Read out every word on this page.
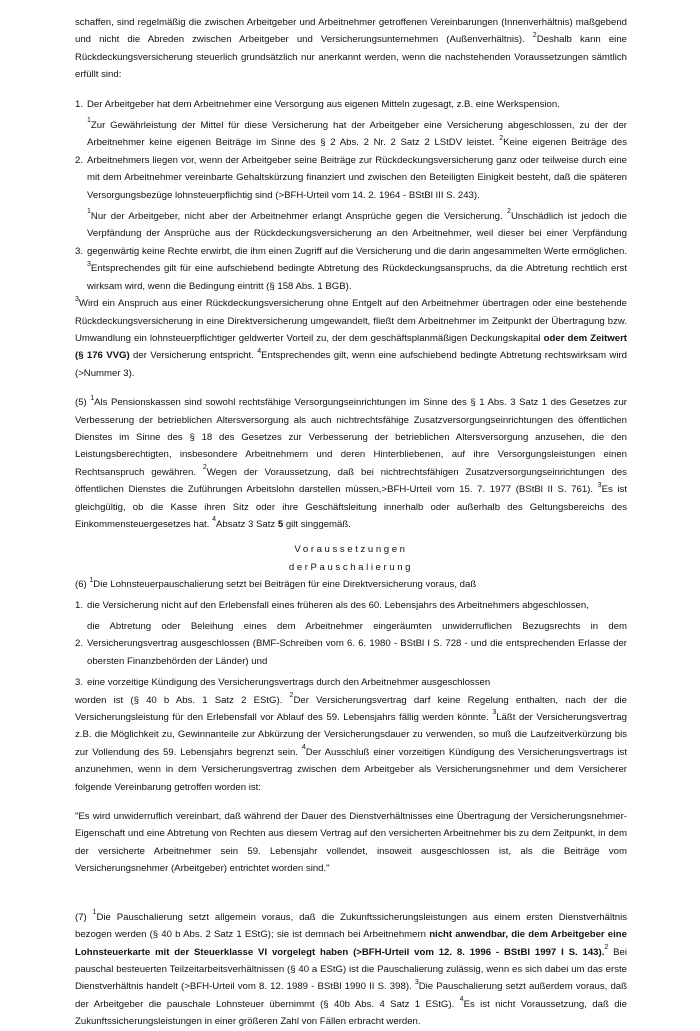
schaffen, sind regelmäßig die zwischen Arbeitgeber und Arbeitnehmer getroffenen Vereinbarungen (Innenverhältnis) maßgebend und nicht die Abreden zwischen Arbeitgeber und Versicherungsunternehmen (Außenverhältnis). $^2$Deshalb kann eine Rückdeckungsversicherung steuerlich grundsätzlich nur anerkannt werden, wenn die nachstehenden Voraussetzungen sämtlich erfüllt sind:

1. Der Arbeitgeber hat dem Arbeitnehmer eine Versorgung aus eigenen Mitteln zugesagt, z.B. eine Werkspension.
2.
$^1$Zur Gewährleistung der Mittel für diese Versicherung hat der Arbeitgeber eine Versicherung abgeschlossen, zu der der Arbeitnehmer keine eigenen Beiträge im Sinne des § 2 Abs. 2 Nr. 2 Satz 2 LStDV leistet. $^2$Keine eigenen Beiträge des Arbeitnehmers liegen vor, wenn der Arbeitgeber seine Beiträge zur Rückdeckungsversicherung ganz oder teilweise durch eine mit dem Arbeitnehmer vereinbarte Gehaltskürzung finanziert und zwischen den Beteiligten Einigkeit besteht, daß die späteren Versorgungsbezüge lohnsteuerpflichtig sind (>BFH-Urteil vom 14. 2. 1964 - BStBl III S. 243).
3.
$^1$Nur der Arbeitgeber, nicht aber der Arbeitnehmer erlangt Ansprüche gegen die Versicherung. $^2$Unschädlich ist jedoch die Verpfändung der Ansprüche aus der Rückdeckungsversicherung an den Arbeitnehmer, weil dieser bei einer Verpfändung gegenwärtig keine Rechte erwirbt, die ihm einen Zugriff auf die Versicherung und die darin angesammelten Werte ermöglichen. $^3$Entsprechendes gilt für eine aufschiebend bedingte Abtretung des Rückdeckungsanspruchs, da die Abtretung rechtlich erst wirksam wird, wenn die Bedingung eintritt (§ 158 Abs. 1 BGB).

$^3$Wird ein Anspruch aus einer Rückdeckungsversicherung ohne Entgelt auf den Arbeitnehmer übertragen oder eine bestehende Rückdeckungsversicherung in eine Direktversicherung umgewandelt, fließt dem Arbeitnehmer im Zeitpunkt der Übertragung bzw. Umwandlung ein lohnsteuerpflichtiger geldwerter Vorteil zu, der dem geschäftsplanmäßigen Deckungskapital oder dem Zeitwert (§ 176 VVG) der Versicherung entspricht. $^4$Entsprechendes gilt, wenn eine aufschiebend bedingte Abtretung rechtswirksam wird (>Nummer 3).

(5) $^1$Als Pensionskassen sind sowohl rechtsfähige Versorgungseinrichtungen im Sinne des § 1 Abs. 3 Satz 1 des Gesetzes zur Verbesserung der betrieblichen Altersversorgung als auch nichtrechtsfähige Zusatzversorgungseinrichtungen des öffentlichen Dienstes im Sinne des § 18 des Gesetzes zur Verbesserung der betrieblichen Altersversorgung anzusehen, die den Leistungsberechtigten, insbesondere Arbeitnehmern und deren Hinterbliebenen, auf ihre Versorgungsleistungen einen Rechtsanspruch gewähren. $^2$Wegen der Voraussetzung, daß bei nichtrechtsfähigen Zusatzversorgungseinrichtungen des öffentlichen Dienstes die Zuführungen Arbeitslohn darstellen müssen,>BFH-Urteil vom 15. 7. 1977 (BStBl II S. 761). $^3$Es ist gleichgültig, ob die Kasse ihren Sitz oder ihre Geschäftsleitung innerhalb oder außerhalb des Geltungsbereichs des Einkommensteuergesetzes hat. $^4$Absatz 3 Satz 5 gilt singgemäß.

Voraussetzungen

derPauschalierung

(6) $^1$Die Lohnsteuerpauschalierung setzt bei Beiträgen für eine Direktversicherung voraus, daß

1. die Versicherung nicht auf den Erlebensfall eines früheren als des 60. Lebensjahrs des Arbeitnehmers abgeschlossen,
2.
die Abtretung oder Beleihung eines dem Arbeitnehmer eingeräumten unwiderruflichen Bezugsrechts in dem Versicherungsvertrag ausgeschlossen (BMF-Schreiben vom 6. 6. 1980 - BStBl I S. 728 - und die entsprechenden Erlasse der obersten Finanzbehörden der Länder) und
3. eine vorzeitige Kündigung des Versicherungsvertrags durch den Arbeitnehmer ausgeschlossen

worden ist (§ 40 b Abs. 1 Satz 2 EStG). $^2$Der Versicherungsvertrag darf keine Regelung enthalten, nach der die Versicherungsleistung für den Erlebensfall vor Ablauf des 59. Lebensjahrs fällig werden könnte. $^3$Läßt der Versicherungsvertrag z.B. die Möglichkeit zu, Gewinnanteile zur Abkürzung der Versicherungsdauer zu verwenden, so muß die Laufzeitverkürzung bis zur Vollendung des 59. Lebensjahrs begrenzt sein. $^4$Der Ausschluß einer vorzeitigen Kündigung des Versicherungsvertrags ist anzunehmen, wenn in dem Versicherungsvertrag zwischen dem Arbeitgeber als Versicherungsnehmer und dem Versicherer folgende Vereinbarung getroffen worden ist:

"Es wird unwiderruflich vereinbart, daß während der Dauer des Dienstverhältnisses eine Übertragung der Versicherungsnehmer-Eigenschaft und eine Abtretung von Rechten aus diesem Vertrag auf den versicherten Arbeitnehmer bis zu dem Zeitpunkt, in dem der versicherte Arbeitnehmer sein 59. Lebensjahr vollendet, insoweit ausgeschlossen ist, als die Beiträge vom Versicherungsnehmer (Arbeitgeber) entrichtet worden sind."

(7) $^1$Die Pauschalierung setzt allgemein voraus, daß die Zukunftssicherungsleistungen aus einem ersten Dienstverhältnis bezogen werden (§ 40 b Abs. 2 Satz 1 EStG); sie ist demnach bei Arbeitnehmern nicht anwendbar, die dem Arbeitgeber eine Lohnsteuerkarte mit der Steuerklasse VI vorgelegt haben (>BFH-Urteil vom 12. 8. 1996 - BStBl 1997 I S. 143).$^2$ Bei pauschal besteuerten Teilzeitarbeitsverhältnissen (§ 40 a EStG) ist die Pauschalierung zulässig, wenn es sich dabei um das erste Dienstverhältnis handelt (>BFH-Urteil vom 8. 12. 1989 - BStBl 1990 II S. 398). $^3$Die Pauschalierung setzt außerdem voraus, daß der Arbeitgeber die pauschale Lohnsteuer übernimmt (§ 40b Abs. 4 Satz 1 EStG). $^4$Es ist nicht Voraussetzung, daß die Zukunftssicherungsleistungen in einer größeren Zahl von Fällen erbracht werden.
